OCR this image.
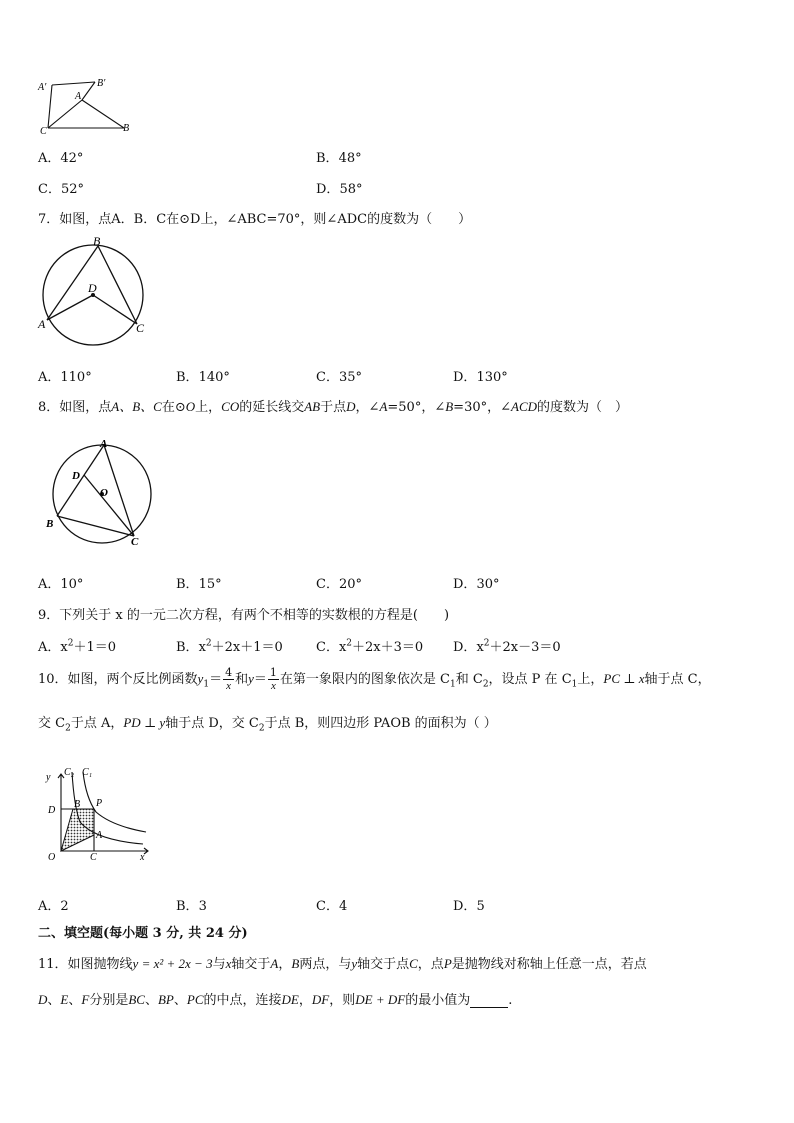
A′	B′
A
B
C
A．42°	B．48°
C．52°	D．58°
7．如图，点A．B．C在⊙D上，∠ABC=70°，则∠ADC的度数为（　　）
B
D
A	C
A．110°	B．140°	C．35°	D．130°
8．如图，点A、B、C在⊙O上，CO的延长线交AB于点D，∠A=50°，∠B=30°，∠ACD的度数为（　）
A
D
O
B
C
A．10°	B．15°	C．20°	D．30°
9．下列关于 x 的一元二次方程，有两个不相等的实数根的方程是(　　)
A．$x^2+1=0$	B．$x^2+2x+1=0$	C．$x^2+2x+3=0$ D．$x^2+2x-3=0$
10．如图，两个反比例函数$y_1= \frac{4}{x}$ 和$y= \frac{1}{x}$ 在第一象限内的图象依次是 $C_1$和 $C_2$，设点 P 在 $C_1$上，PC ⊥ x轴于点 C，
交 $C_2$于点 A，PD ⊥ y轴于点 D，交 $C_2$于点 B，则四边形 PAOB 的面积为（ ）
y C₂ C₁
D
B P
A
O	C	x
A．2	B．3	C．4	D．5
二、填空题(每小题 3 分, 共 24 分)
11．如图抛物线y = x² + 2x − 3与x轴交于A，B两点，与y轴交于点C，点P是抛物线对称轴上任意一点，若点
D、E、F分别是BC、BP、PC的中点，连接DE，DF，则DE + DF的最小值为	.
